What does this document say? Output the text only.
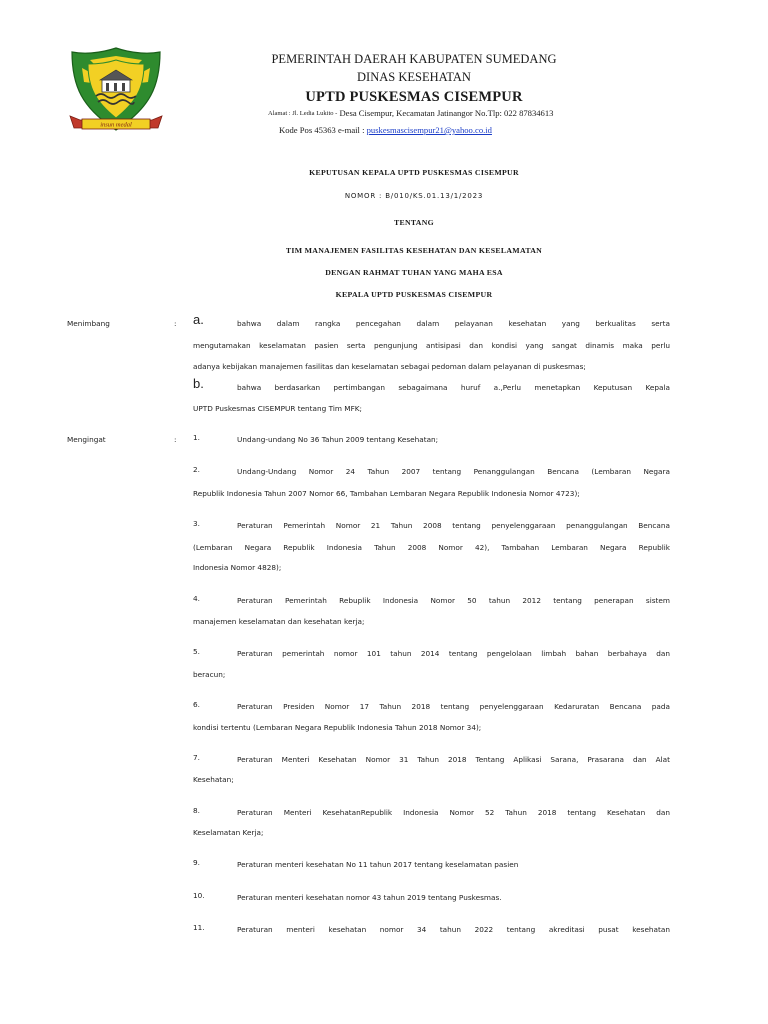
insun medal
PEMERINTAH DAERAH KABUPATEN SUMEDANG
DINAS KESEHATAN
UPTD PUSKESMAS CISEMPUR
Alamat : Jl. Ledia Lukito - Desa Cisempur, Kecamatan Jatinangor No.Tlp: 022 87834613
Kode Pos 45363 e-mail : puskesmascisempur21@yahoo.co.id
KEPUTUSAN KEPALA UPTD PUSKESMAS CISEMPUR
NOMOR : B/010/KS.01.13/1/2023
TENTANG
TIM MANAJEMEN FASILITAS KESEHATAN DAN KESELAMATAN
DENGAN RAHMAT TUHAN YANG MAHA ESA
KEPALA UPTD PUSKESMAS CISEMPUR
Menimbang	: a.	bahwa dalam rangka pencegahan dalam pelayanan kesehatan yang berkualitas serta
mengutamakan keselamatan pasien serta pengunjung antisipasi dan kondisi yang sangat dinamis maka perlu
adanya kebijakan manajemen fasilitas dan keselamatan sebagai pedoman dalam pelayanan di puskesmas;
b.	bahwa berdasarkan pertimbangan sebagaimana huruf a.,Perlu menetapkan Keputusan Kepala
UPTD Puskesmas CISEMPUR tentang Tim MFK;
Mengingat	: 1.	Undang-undang No 36 Tahun 2009 tentang Kesehatan;
2.	Undang-Undang Nomor 24 Tahun 2007 tentang Penanggulangan Bencana (Lembaran Negara
Republik Indonesia Tahun 2007 Nomor 66, Tambahan Lembaran Negara Republik Indonesia Nomor 4723);
3.	Peraturan Pemerintah Nomor 21 Tahun 2008 tentang penyelenggaraan penanggulangan Bencana
(Lembaran Negara Republik Indonesia Tahun 2008 Nomor 42), Tambahan Lembaran Negara Republik
Indonesia Nomor 4828);
4.	Peraturan Pemerintah Rebuplik Indonesia Nomor 50 tahun 2012 tentang penerapan sistem
manajemen keselamatan dan kesehatan kerja;
5.	Peraturan pemerintah nomor 101 tahun 2014 tentang pengelolaan limbah bahan berbahaya dan
beracun;
6.	Peraturan Presiden Nomor 17 Tahun 2018 tentang penyelenggaraan Kedaruratan Bencana pada
kondisi tertentu (Lembaran Negara Republik Indonesia Tahun 2018 Nomor 34);
7.	Peraturan Menteri Kesehatan Nomor 31 Tahun 2018 Tentang Aplikasi Sarana, Prasarana dan Alat
Kesehatan;
8.	Peraturan Menteri KesehatanRepublik Indonesia Nomor 52 Tahun 2018 tentang Kesehatan dan
Keselamatan Kerja;
9.	Peraturan menteri kesehatan No 11 tahun 2017 tentang keselamatan pasien
10.	Peraturan menteri kesehatan nomor 43 tahun 2019 tentang Puskesmas.
11.	Peraturan menteri kesehatan nomor 34 tahun 2022 tentang akreditasi pusat kesehatan
